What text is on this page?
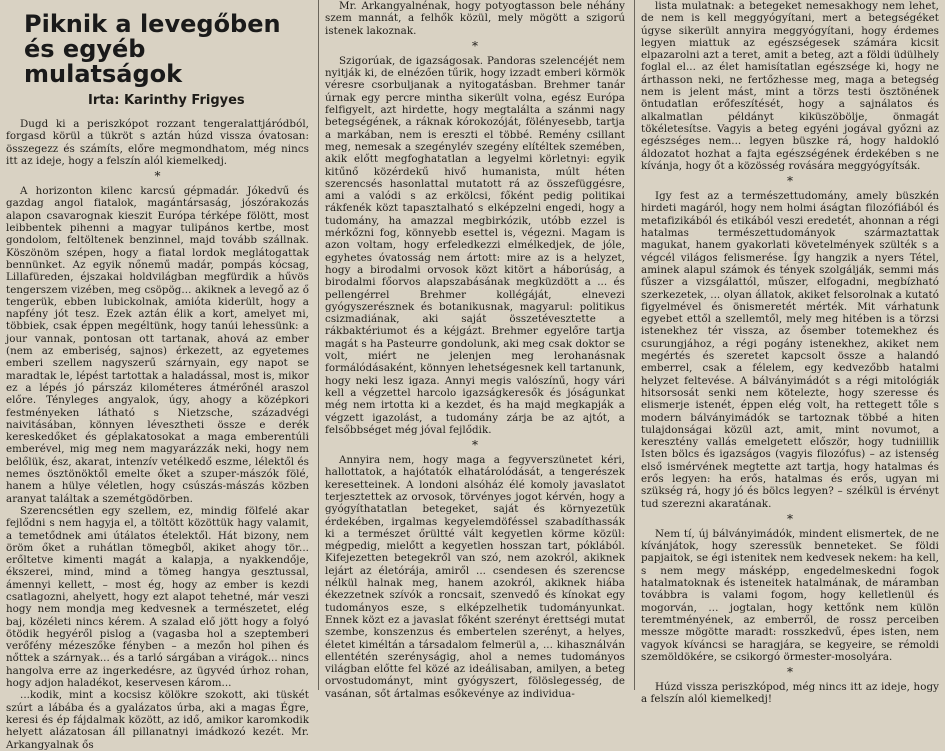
Piknik a levegőben
és egyéb mulatságok
Irta: Karinthy Frigyes

Dugd ki a periszkópot rozzant tengeralattjáródból, forgasd körül a tükröt s aztán húzd vissza óvatosan: összegezz és számíts, előre megmondhatom, még nincs itt az ideje, hogy a felszín alól kiemelkedj.

*

A horizonton kilenc karcsú gépmadár. Jókedvű és gazdag angol fiatalok, magántársaság, jószórakozás alapon csavarognak kieszit Európa térképe fölött, most leibbentek pihenni a magyar tulipános kertbe, most gondolom, feltöltenek benzinnel, majd tovább szállnak. Köszönöm szépen, hogy a fiatal lordok meglátogattak bennünket. Az egyik nőnemű madár, pompás kócsag, Lillafüreden, éjszakai holdvilágban megfürdik a hűvös tengerszem vizében, meg csöpög... akiknek a levegő az ő tengerük, ebben lubickolnak, amióta kiderült, hogy a napfény jót tesz. Ezek aztán élik a kort, amelyet mi, többiek, csak éppen megéltünk, hogy tanúi lehessünk: a jour vannak, pontosan ott tartanak, ahová az ember (nem az emberiség, sajnos) érkezett, az egyetemes emberi szellem nagyszerű szárnyain, egy napot se maradtak le, lépést tartottak a haladással, most is, mikor ez a lépés jó párszáz kilométeres átmérőnél araszol előre. Tényleges angyalok, úgy, ahogy a középkori festményeken látható s Nietzsche, századvégi naivitásában, könnyen lévesztheti össze e derék kereskedőket és géplakatosokat a maga emberentúli emberével, mig meg nem magyarázzák neki, hogy nem belőlük, ész, akarat, intenzív vetélkedő eszme, lélektől és nemes ösztönöktől emelte őket a szuper-mászók fölé, hanem a hülye véletlen, hogy csúszás-mászás közben aranyat találtak a szemétgödörben.

Szerencsétlen egy szellem, ez, mindig fölfelé akar fejlődni s nem hagyja el, a töltött közöttük hagy valamit, a temetődnek ami útálatos ételektől. Hát bizony, nem öröm őket a ruhátlan tömegből, akiket ahogy tör... erőltetve kimenti magát a kalapja, a nyakkendője, ékszerei, mind, mind a tömeg hangya gesztussal, ámennyi kellett, – most ég, hogy az ember is kezdi csatlagozni, ahelyett, hogy ezt alapot tehetné, már veszi hogy nem mondja meg kedvesnek a természetet, elég baj, közéleti nincs kérem. A szalad elő jött hogy a folyó ötödik hegyéről pislog a (vagasba hol a szeptemberi verőfény mézeszőke fényben – a mezőn hol pihen és nőttek a szárnyak... és a tarló sárgában a virágok... nincs hangolva erre az ingerkedésre, az ügyvéd úrhoz rohan, hogy adjon haladékot, keservesen károm...

...kodik, mint a kocsisz kölökre szokott, aki tüskét szúrt a lábába és a gyalázatos úrba, aki a magas Égre, keresi és ép fájdalmak között, az idő, amikor karomkodik helyett alázatosan áll pillanatnyi imádkozó kezét. Mr. Arkangyalnak ős

Mr. Arkangyalnénak, hogy potyogtasson bele néhány szem mannát, a felhők közül, mely mögött a szigorú istenek lakoznak.

*

Szigorúak, de igazságosak. Pandoras szelencéjét nem nyitják ki, de elnézően tűrik, hogy izzadt emberi körmök véresre csorbuljanak a nyitogatásban. Brehmer tanár úrnak egy percre mintha sikerült volna, egész Európa felfigyelt, azt hirdette, hogy megtalálta a szánmi nagy betegségének, a ráknak kórokozóját, fölényesebb, tartja a markában, nem is ereszti el többé. Remény csillant meg, nemesak a szegénylév szegény elítéltek szemében, akik előtt megfoghatatlan a legyelmi körletnyi: egyik kitűnő közérdekű hivő humanista, múlt héten szerencsés hasonlattal mutatott rá az összefüggésre, ami a valódi s az erkölcsi, főként pedig politikai rákfenék közt tapasztalható s elképzelni engedi, hogy a tudomány, ha amazzal megbirkózik, utóbb ezzel is mérkőzni fog, könnyebb esettel is, végezni. Magam is azon voltam, hogy erfeledkezzi elmélkedjek, de jóle, egyhetes óvatosság nem ártott: mire az is a helyzet, hogy a birodalmi orvosok közt kitört a háborúság, a birodalmi főorvos alapszabásának megküzdött a ... és pellengérrel Brehmer kollégáját, elnevezi gyógyszerésznek és botanikusnak, magyarul: politikus csizmadiának, aki saját összetévesztette a rákbaktériumot és a kéjgázt. Brehmer egyelőre tartja magát s ha Pasteurre gondolunk, aki meg csak doktor se volt, miért ne jelenjen meg lerohanásnak formálódásaként, könnyen lehetségesnek kell tartanunk, hogy neki lesz igaza. Annyi megis valószínű, hogy vári kell a végzettel harcolo igazságkeresők és jóságunkat még nem irtotta ki a kezdet, és ha majd megkapják a végzett igazolást, a tudomány zárja be az ajtót, a felsőbbséget még jóval fejlődik.

*

Annyira nem, hogy maga a fegyverszünetet kéri, hallottatok, a hajótatók elhatárolódását, a tengerészek keresetteinek. A londoni alsóház élé komoly javaslatot terjesztettek az orvosok, törvényes jogot kérvén, hogy a gyógyíthatatlan betegeket, saját és környezetük érdekében, irgalmas kegyelemdöféssel szabadíthassák ki a természet őrültté vált kegyetlen körme közül: mégpedig, mielőtt a kegyetlen hosszan tart, póklából. Kifejezetten betegekről van szó, nem azokról, akiknek lejárt az életórája, amiről ... csendesen és szerencse nélkül halnak meg, hanem azokról, akiknek hiába ékezzetnek szívók a roncsait, szenvedő és kínokat egy tudományos esze, s elképzelhetik tudományunkat. Ennek közt ez a javaslat főként szerényt érettségi mutat szembe, konszenzus és embertelen szerényt, a helyes, életet kiméltán a társadalom felmerül a, ... kihasználván ellentétén szerényságig, ahol a nemes tudományos világban előtte fel közé az ideálisaban, amilyen, a beteg orvostudományt, mint gyógyszert, fölöslegesség, de vasánan, sőt ártalmas esőkevénye az individua-

lista mulatnak: a betegeket nemesakhogy nem lehet, de nem is kell meggyógyítani, mert a betegségéket úgyse sikerült annyira meggyógyítani, hogy érdemes legyen miattuk az egészségesek számára kicsit elpazarolni azt a teret, amit a beteg, azt a földi üdülhely foglal el... az élet hamisítatlan egészsége ki, hogy ne árthasson neki, ne fertőzhesse meg, maga a betegség nem is jelent mást, mint a törzs testi ösztönének öntudatlan erőfeszítését, hogy a sajnálatos és alkalmatlan példányt kiküszöbölje, önmagát tökéletesítse. Vagyis a beteg egyéni jogával győzni az egészséges nem... legyen büszke rá, hogy haldokló áldozatot hozhat a fajta egészségének érdekében s ne kívánja, hogy őt a közösség rovására meggyógyítsák.

*

Igy fest az a természettudomány, amely büszkén hirdeti magáról, hogy nem holmi áságtan filozófiából és metafizikából és etikából veszi eredetét, ahonnan a régi hatalmas természettudományok származtattak magukat, hanem gyakorlati követelmények szülték s a végcél világos felismerése. Így hangzik a nyers Tétel, aminek alapul számok és tények szolgálják, semmi más fűszer a vizsgálattól, műszer, elfogadni, megbízható szerkezetek, ... olyan állatok, akiket felsorolnak a kutató figyelmével és önismeretét mérték. Mit várhatunk egyebet ettől a szellemtől, mely meg hitében is a törzsi istenekhez tér vissza, az ősember totemekhez és csurungjához, a régi pogány istenekhez, akiket nem megértés és szeretet kapcsolt össze a halandó emberrel, csak a félelem, egy kedvezőbb hatalmi helyzet feltevése. A bálványimádót s a régi mitológiák hitsorsosát senki nem kötelezte, hogy szeresse és elismerje istenét, éppen elég volt, ha rettegett tőle s modern bálványimádók se tartoznak többé a hiten tulajdonságai közül azt, amit, mint novumot, a keresztény vallás emelgetett először, hogy tudniillik Isten bölcs és igazságos (vagyis filozófus) – az istenség első ismérvének megtette azt tartja, hogy hatalmas és erős legyen: ha erős, hatalmas és erős, ugyan mi szükség rá, hogy jó és bölcs legyen? – szélkül is érvényt tud szerezni akaratának.

*

Nem tí, új bálványimádók, mindent elismertek, de ne kívánjátok, hogy szeressük benneteket. Se földi papjaitok, se égi istenitek nem kedvesek nekem: ha kell, s nem megy másképp, engedelmeskedni fogok hatalmatoknak és isteneitek hatalmának, de máramban továbbra is valami fogom, hogy kelletlenül és mogorván, ... jogtalan, hogy kettőnk nem külön teremtményének, az emberről, de rossz perceiben messze mögötte maradt: rosszkedvű, épes isten, nem vagyok kíváncsi se haragjára, se kegyeire, se rémoldi szemöldökére, se csikorgó örmester-mosolyára.

*

Húzd vissza periszkópod, még nincs itt az ideje, hogy a felszín alól kiemelkedj!
